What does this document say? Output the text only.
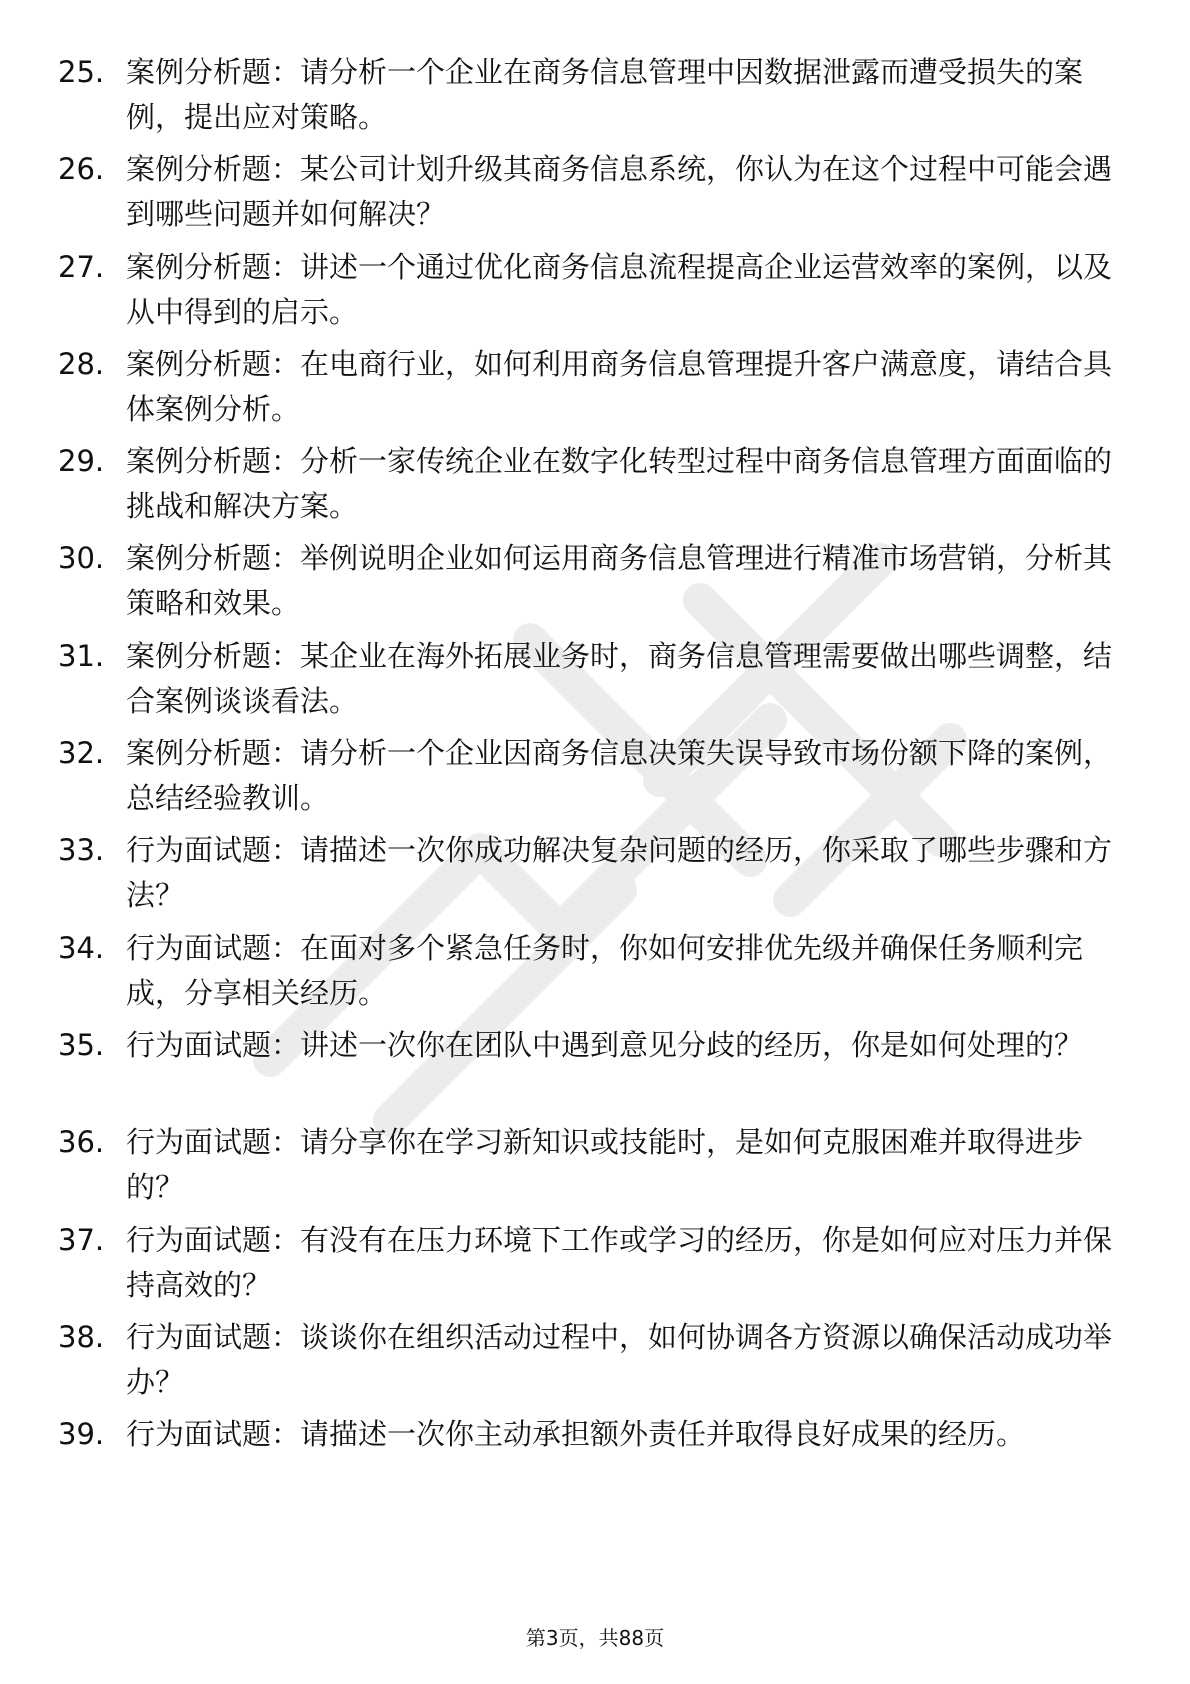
25. 案例分析题：请分析一个企业在商务信息管理中因数据泄露而遭受损失的案例，提出应对策略。
26. 案例分析题：某公司计划升级其商务信息系统，你认为在这个过程中可能会遇到哪些问题并如何解决？
27. 案例分析题：讲述一个通过优化商务信息流程提高企业运营效率的案例，以及从中得到的启示。
28. 案例分析题：在电商行业，如何利用商务信息管理提升客户满意度，请结合具体案例分析。
29. 案例分析题：分析一家传统企业在数字化转型过程中商务信息管理方面面临的挑战和解决方案。
30. 案例分析题：举例说明企业如何运用商务信息管理进行精准市场营销，分析其策略和效果。
31. 案例分析题：某企业在海外拓展业务时，商务信息管理需要做出哪些调整，结合案例谈谈看法。
32. 案例分析题：请分析一个企业因商务信息决策失误导致市场份额下降的案例，总结经验教训。
33. 行为面试题：请描述一次你成功解决复杂问题的经历，你采取了哪些步骤和方法？
34. 行为面试题：在面对多个紧急任务时，你如何安排优先级并确保任务顺利完成，分享相关经历。
35. 行为面试题：讲述一次你在团队中遇到意见分歧的经历，你是如何处理的？
36. 行为面试题：请分享你在学习新知识或技能时，是如何克服困难并取得进步的？
37. 行为面试题：有没有在压力环境下工作或学习的经历，你是如何应对压力并保持高效的？
38. 行为面试题：谈谈你在组织活动过程中，如何协调各方资源以确保活动成功举办？
39. 行为面试题：请描述一次你主动承担额外责任并取得良好成果的经历。
第3页，共88页
